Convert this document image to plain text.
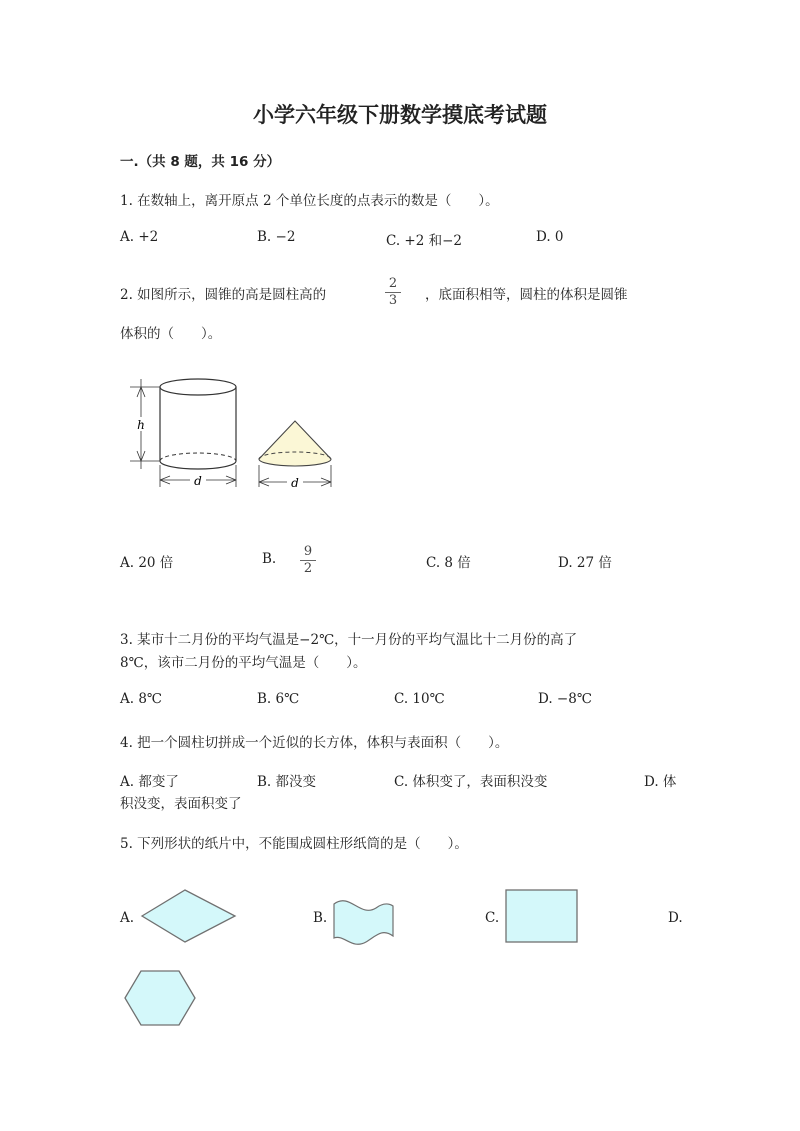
小学六年级下册数学摸底考试题
一.（共 8 题，共 16 分）
1. 在数轴上，离开原点 2 个单位长度的点表示的数是（　　）。
A. +2	B. −2	C. +2 和−2	D. 0
2. 如图所示，圆锥的高是圆柱高的
2
3 ，底面积相等，圆柱的体积是圆锥
体积的（　　）。
h
d	d
A. 20 倍	B. 9
2	C. 8 倍	D. 27 倍
3. 某市十二月份的平均气温是−2℃，十一月份的平均气温比十二月份的高了
8℃，该市二月份的平均气温是（　　）。
A. 8℃	B. 6℃	C. 10℃	D. −8℃
4. 把一个圆柱切拼成一个近似的长方体，体积与表面积（　　）。
A. 都变了	B. 都没变	C. 体积变了，表面积没变	D. 体
积没变，表面积变了
5. 下列形状的纸片中，不能围成圆柱形纸筒的是（　　）。
A.	B.	C.	D.
